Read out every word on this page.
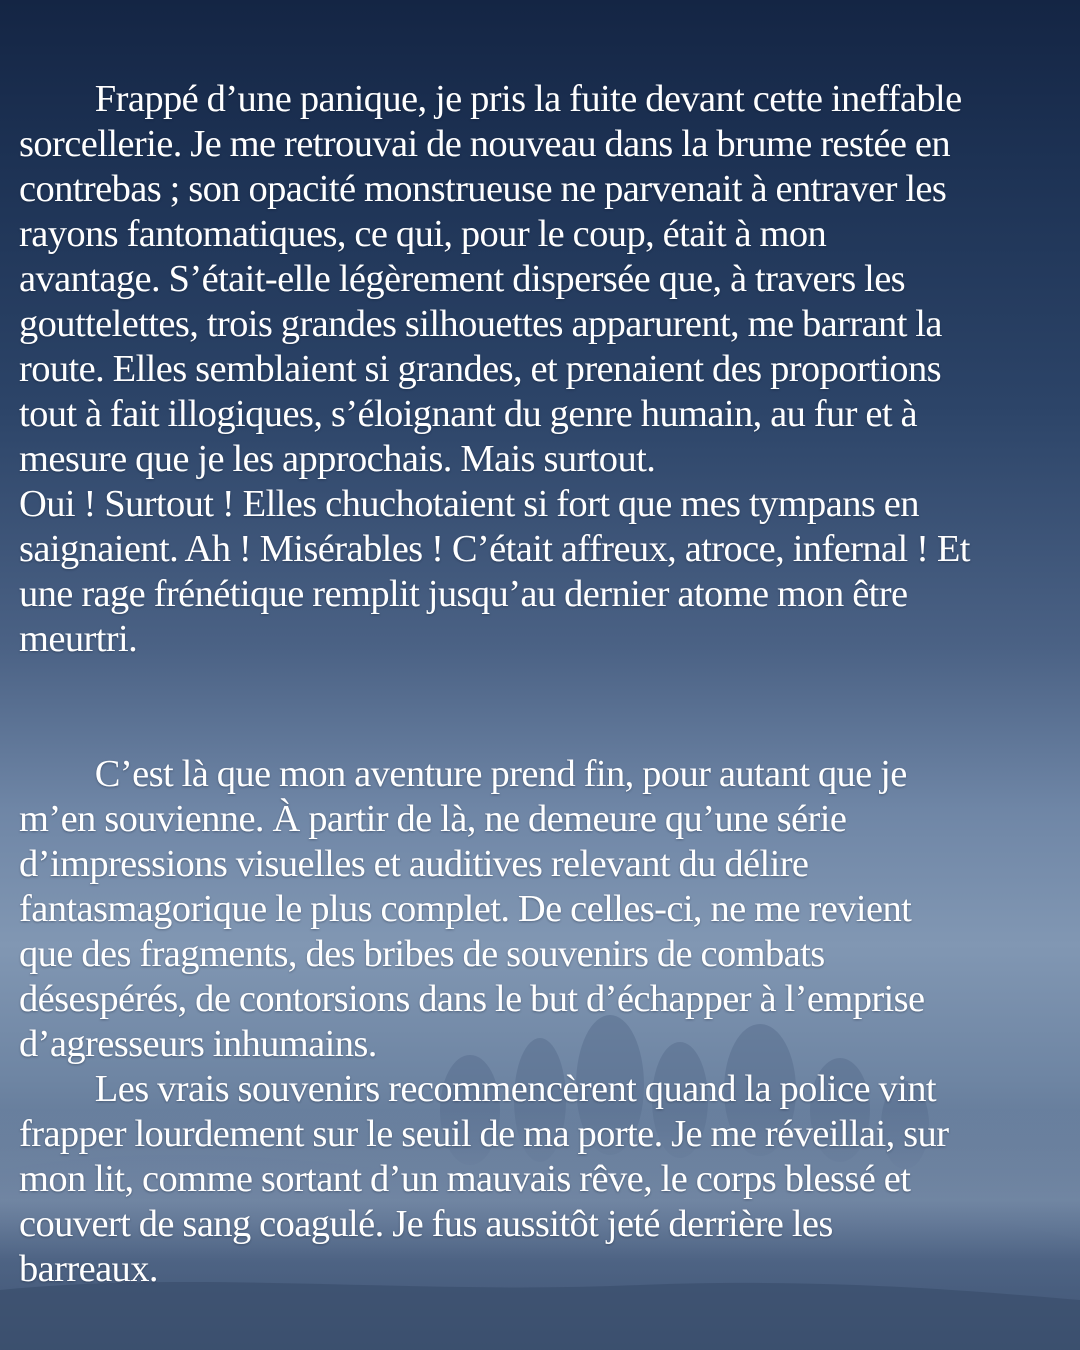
  Frappé d’une panique, je pris la fuite devant cette ineffable
sorcellerie. Je me retrouvai de nouveau dans la brume restée en
contrebas ; son opacité monstrueuse ne parvenait à entraver les
rayons fantomatiques, ce qui, pour le coup, était à mon
avantage. S’était-elle légèrement dispersée que, à travers les
gouttelettes, trois grandes silhouettes apparurent, me barrant la
route. Elles semblaient si grandes, et prenaient des proportions
tout à fait illogiques, s’éloignant du genre humain, au fur et à
mesure que je les approchais. Mais surtout.

Oui ! Surtout ! Elles chuchotaient si fort que mes tympans en
saignaient. Ah ! Misérables ! C’était affreux, atroce, infernal ! Et
une rage frénétique remplit jusqu’au dernier atome mon être
meurtri.

  C’est là que mon aventure prend fin, pour autant que je
m’en souvienne. À partir de là, ne demeure qu’une série
d’impressions visuelles et auditives relevant du délire
fantasmagorique le plus complet. De celles-ci, ne me revient
que des fragments, des bribes de souvenirs de combats
désespérés, de contorsions dans le but d’échapper à l’emprise
d’agresseurs inhumains.

  Les vrais souvenirs recommencèrent quand la police vint
frapper lourdement sur le seuil de ma porte. Je me réveillai, sur
mon lit, comme sortant d’un mauvais rêve, le corps blessé et
couvert de sang coagulé. Je fus aussitôt jeté derrière les
barreaux.
